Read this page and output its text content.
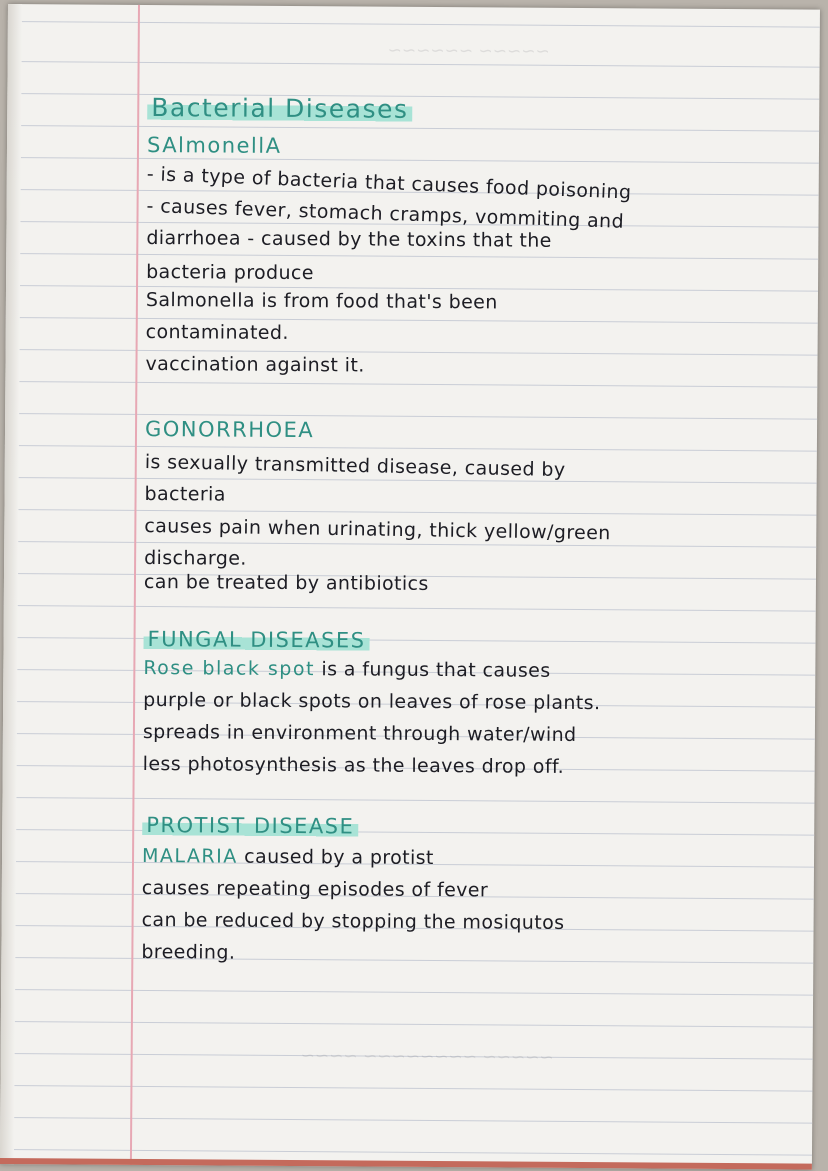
~~~~~ ~~~~~~
~~~~~ ~~~~~~~~ ~~~~
Bacterial Diseases
SAlmonellA
- is a type of bacteria that causes food poisoning
- causes fever, stomach cramps, vommiting and
diarrhoea - caused by the toxins that the
bacteria produce
Salmonella is from food that's been
contaminated.
vaccination against it.
GONORRHOEA
is sexually transmitted disease, caused by
bacteria
causes pain when urinating, thick yellow/green
discharge.
can be treated by antibiotics
FUNGAL DISEASES
Rose black spot is a fungus that causes
purple or black spots on leaves of rose plants.
spreads in environment through water/wind
less photosynthesis as the leaves drop off.
PROTIST DISEASE
MALARIA caused by a protist
causes repeating episodes of fever
can be reduced by stopping the mosiqutos
breeding.
